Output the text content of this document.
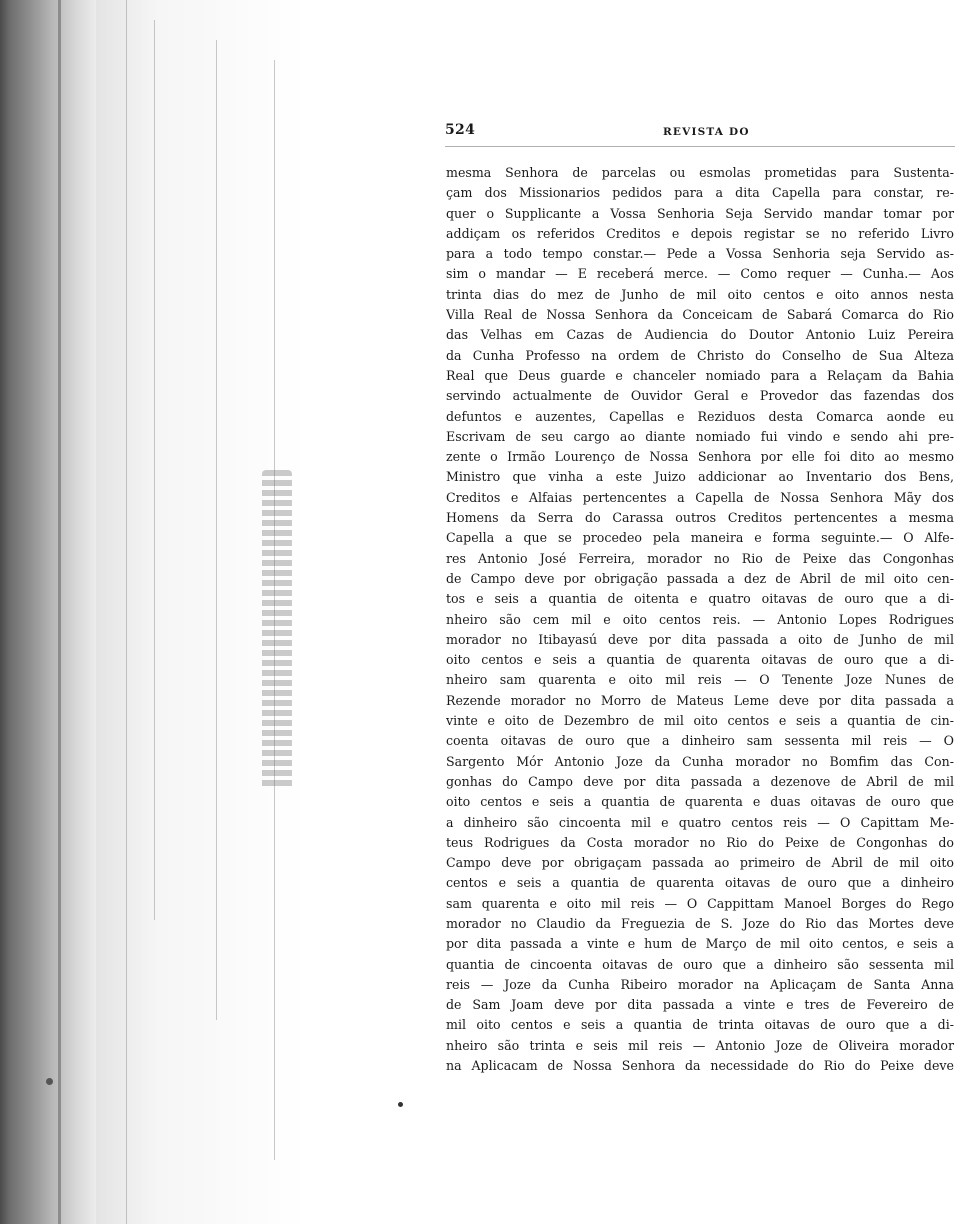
524	REVISTA DO
mesma Senhora de parcelas ou esmolas prometidas para Sustenta-
çam dos Missionarios pedidos para a dita Capella para constar, re-
quer o Supplicante a Vossa Senhoria Seja Servido mandar tomar por
addiçam os referidos Creditos e depois registar se no referido Livro
para a todo tempo constar.— Pede a Vossa Senhoria seja Servido as-
sim o mandar — E receberá merce. — Como requer — Cunha.— Aos
trinta dias do mez de Junho de mil oito centos e oito annos nesta
Villa Real de Nossa Senhora da Conceicam de Sabará Comarca do Rio
das Velhas em Cazas de Audiencia do Doutor Antonio Luiz Pereira
da Cunha Professo na ordem de Christo do Conselho de Sua Alteza
Real que Deus guarde e chanceler nomiado para a Relaçam da Bahia
servindo actualmente de Ouvidor Geral e Provedor das fazendas dos
defuntos e auzentes, Capellas e Reziduos desta Comarca aonde eu
Escrivam de seu cargo ao diante nomiado fui vindo e sendo ahi pre-
zente o Irmão Lourenço de Nossa Senhora por elle foi dito ao mesmo
Ministro que vinha a este Juizo addicionar ao Inventario dos Bens,
Creditos e Alfaias pertencentes a Capella de Nossa Senhora Mãy dos
Homens da Serra do Carassa outros Creditos pertencentes a mesma
Capella a que se procedeo pela maneira e forma seguinte.— O Alfe-
res Antonio José Ferreira, morador no Rio de Peixe das Congonhas
de Campo deve por obrigação passada a dez de Abril de mil oito cen-
tos e seis a quantia de oitenta e quatro oitavas de ouro que a di-
nheiro são cem mil e oito centos reis. — Antonio Lopes Rodrigues
morador no Itibayasú deve por dita passada a oito de Junho de mil
oito centos e seis a quantia de quarenta oitavas de ouro que a di-
nheiro sam quarenta e oito mil reis — O Tenente Joze Nunes de
Rezende morador no Morro de Mateus Leme deve por dita passada a
vinte e oito de Dezembro de mil oito centos e seis a quantia de cin-
coenta oitavas de ouro que a dinheiro sam sessenta mil reis — O
Sargento Mór Antonio Joze da Cunha morador no Bomfim das Con-
gonhas do Campo deve por dita passada a dezenove de Abril de mil
oito centos e seis a quantia de quarenta e duas oitavas de ouro que
a dinheiro são cincoenta mil e quatro centos reis — O Capittam Me-
teus Rodrigues da Costa morador no Rio do Peixe de Congonhas do
Campo deve por obrigaçam passada ao primeiro de Abril de mil oito
centos e seis a quantia de quarenta oitavas de ouro que a dinheiro
sam quarenta e oito mil reis — O Cappittam Manoel Borges do Rego
morador no Claudio da Freguezia de S. Joze do Rio das Mortes deve
por dita passada a vinte e hum de Março de mil oito centos, e seis a
quantia de cincoenta oitavas de ouro que a dinheiro são sessenta mil
reis — Joze da Cunha Ribeiro morador na Aplicaçam de Santa Anna
de Sam Joam deve por dita passada a vinte e tres de Fevereiro de
mil oito centos e seis a quantia de trinta oitavas de ouro que a di-
nheiro são trinta e seis mil reis — Antonio Joze de Oliveira morador
na Aplicacam de Nossa Senhora da necessidade do Rio do Peixe deve
